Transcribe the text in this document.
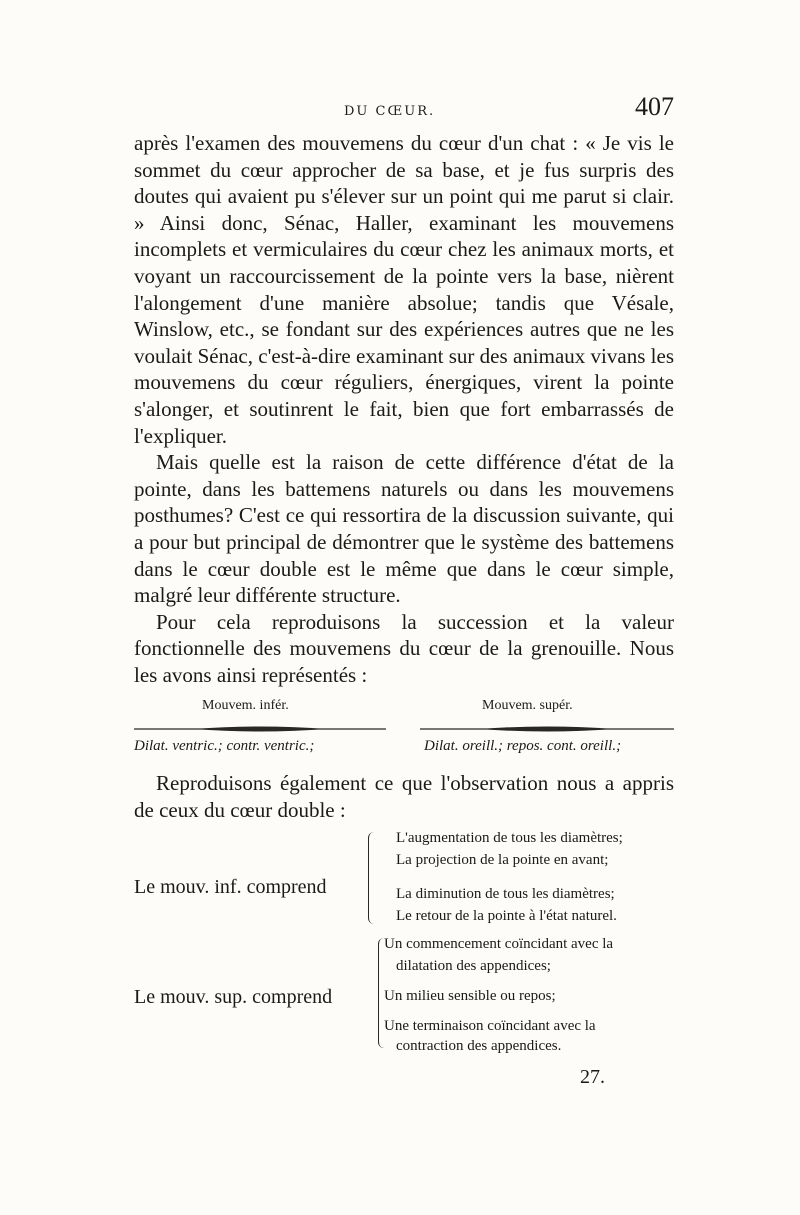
DU CŒUR.	407

après l'examen des mouvemens du cœur d'un chat : « Je vis le sommet du cœur approcher de sa base, et je fus surpris des doutes qui avaient pu s'élever sur un point qui me parut si clair. » Ainsi donc, Sénac, Haller, examinant les mouvemens incomplets et vermiculaires du cœur chez les animaux morts, et voyant un raccourcissement de la pointe vers la base, nièrent l'alongement d'une manière absolue; tandis que Vésale, Winslow, etc., se fondant sur des expériences autres que ne les voulait Sénac, c'est-à-dire examinant sur des animaux vivans les mouvemens du cœur réguliers, énergiques, virent la pointe s'alonger, et soutinrent le fait, bien que fort embarrassés de l'expliquer.

Mais quelle est la raison de cette différence d'état de la pointe, dans les battemens naturels ou dans les mouvemens posthumes? C'est ce qui ressortira de la discussion suivante, qui a pour but principal de démontrer que le système des battemens dans le cœur double est le même que dans le cœur simple, malgré leur différente structure.

Pour cela reproduisons la succession et la valeur fonctionnelle des mouvemens du cœur de la grenouille. Nous les avons ainsi représentés :

Mouvem. infér.	Mouvem. supér.
Dilat. ventric.; contr. ventric.;	Dilat. oreill.; repos. cont. oreill.;

Reproduisons également ce que l'observation nous a appris de ceux du cœur double :

Le mouv. inf. comprend
L'augmentation de tous les diamètres;
La projection de la pointe en avant;
La diminution de tous les diamètres;
Le retour de la pointe à l'état naturel.
Le mouv. sup. comprend
Un commencement coïncidant avec la
dilatation des appendices;
Un milieu sensible ou repos;
Une terminaison coïncidant avec la
contraction des appendices.
27.
